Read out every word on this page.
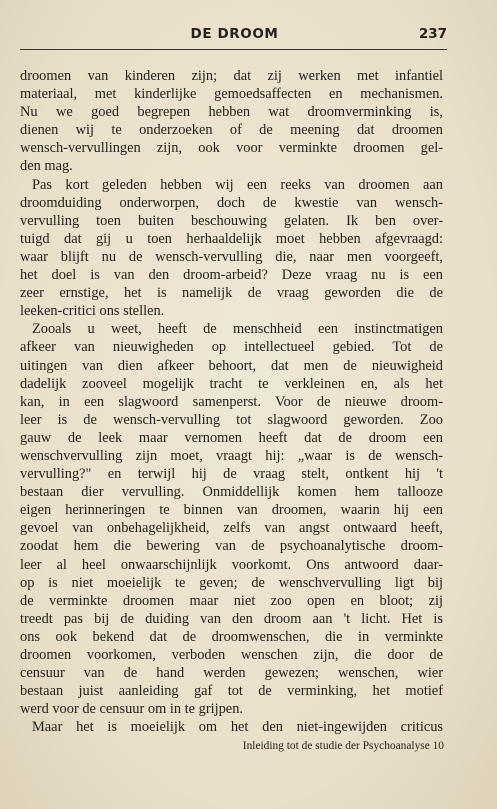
DE DROOM	237
droomen van kinderen zijn; dat zij werken met infantiel
materiaal, met kinderlijke gemoedsaffecten en mechanismen.
Nu we goed begrepen hebben wat droomverminking is,
dienen wij te onderzoeken of de meening dat droomen
wensch-vervullingen zijn, ook voor verminkte droomen gel-
den mag.
Pas kort geleden hebben wij een reeks van droomen aan
droomduiding onderworpen, doch de kwestie van wensch-
vervulling toen buiten beschouwing gelaten. Ik ben over-
tuigd dat gij u toen herhaaldelijk moet hebben afgevraagd:
waar blijft nu de wensch-vervulling die, naar men voorgeeft,
het doel is van den droom-arbeid? Deze vraag nu is een
zeer ernstige, het is namelijk de vraag geworden die de
leeken-critici ons stellen.
Zooals u weet, heeft de menschheid een instinctmatigen
afkeer van nieuwigheden op intellectueel gebied. Tot de
uitingen van dien afkeer behoort, dat men de nieuwigheid
dadelijk zooveel mogelijk tracht te verkleinen en, als het
kan, in een slagwoord samenperst. Voor de nieuwe droom-
leer is de wensch-vervulling tot slagwoord geworden. Zoo
gauw de leek maar vernomen heeft dat de droom een
wenschvervulling zijn moet, vraagt hij: „waar is de wensch-
vervulling?" en terwijl hij de vraag stelt, ontkent hij 't
bestaan dier vervulling. Onmiddellijk komen hem tallooze
eigen herinneringen te binnen van droomen, waarin hij een
gevoel van onbehagelijkheid, zelfs van angst ontwaard heeft,
zoodat hem die bewering van de psychoanalytische droom-
leer al heel onwaarschijnlijk voorkomt. Ons antwoord daar-
op is niet moeielijk te geven; de wenschvervulling ligt bij
de verminkte droomen maar niet zoo open en bloot; zij
treedt pas bij de duiding van den droom aan 't licht. Het is
ons ook bekend dat de droomwenschen, die in verminkte
droomen voorkomen, verboden wenschen zijn, die door de
censuur van de hand werden gewezen; wenschen, wier
bestaan juist aanleiding gaf tot de verminking, het motief
werd voor de censuur om in te grijpen.
Maar het is moeielijk om het den niet-ingewijden criticus
Inleiding tot de studie der Psychoanalyse 10
